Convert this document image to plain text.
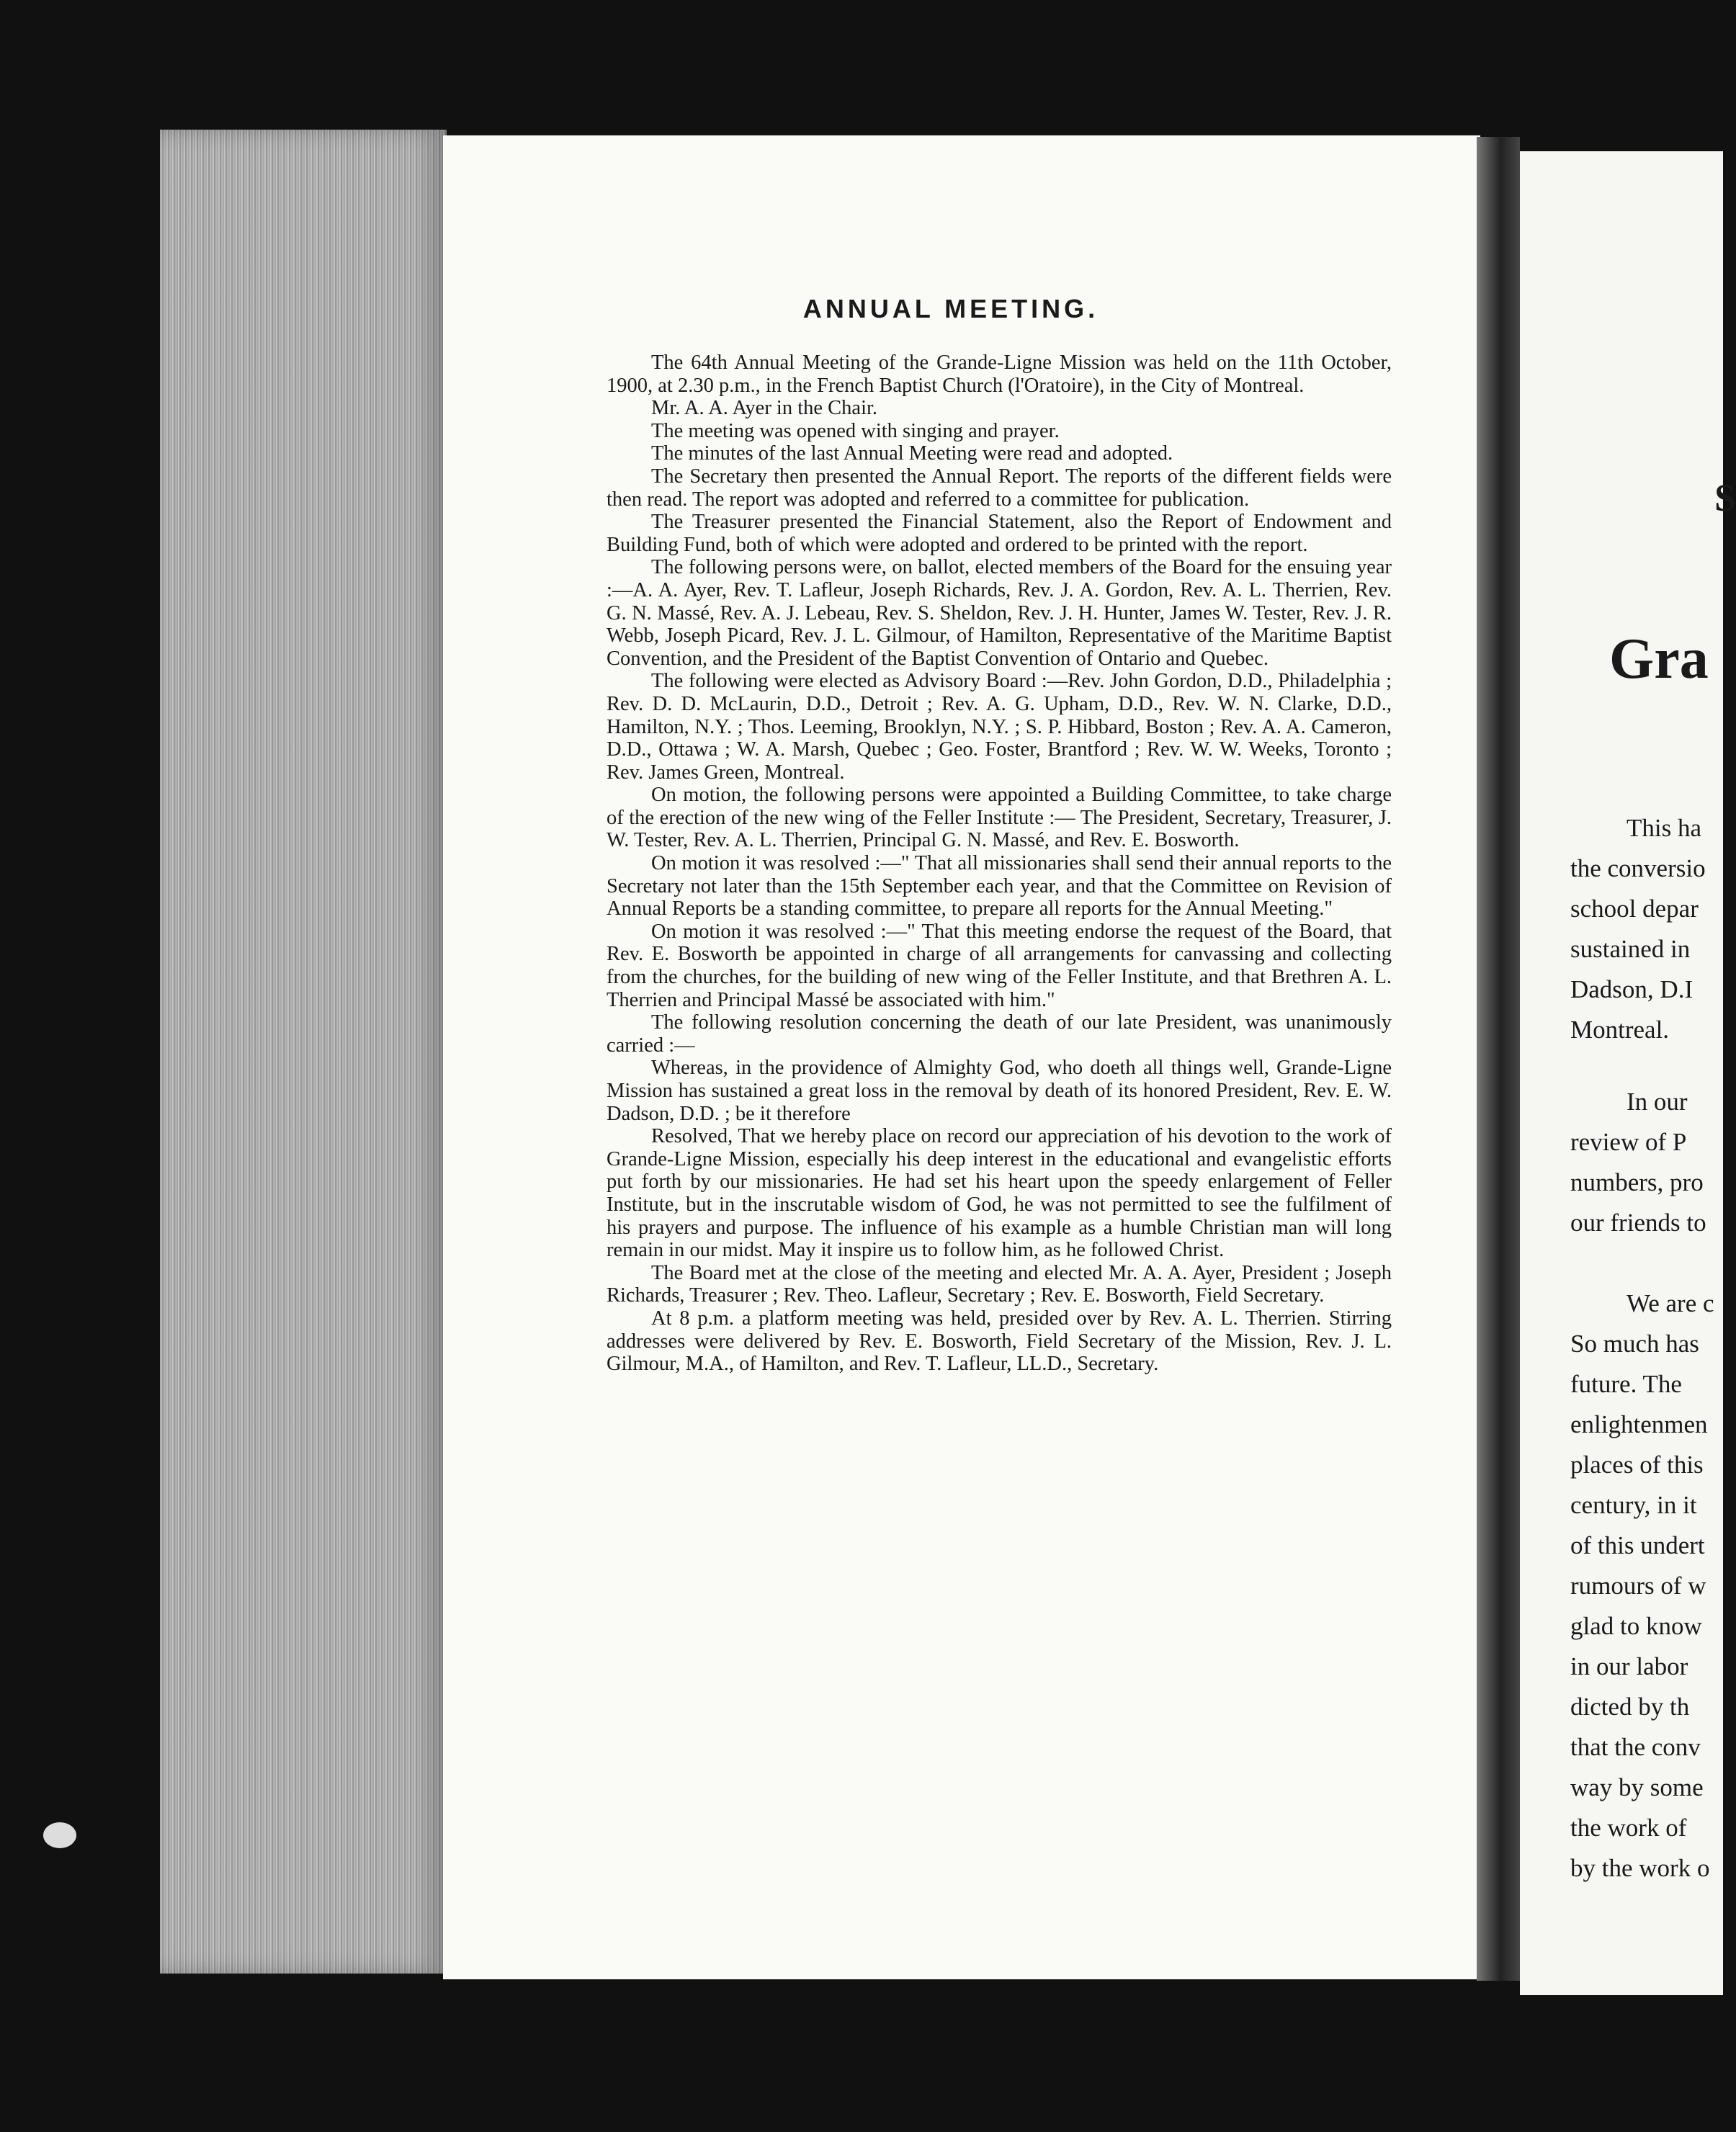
ANNUAL MEETING.

The 64th Annual Meeting of the Grande-Ligne Mission was held on the 11th October, 1900, at 2.30 p.m., in the French Baptist Church (l'Oratoire), in the City of Montreal.

Mr. A. A. Ayer in the Chair.

The meeting was opened with singing and prayer.

The minutes of the last Annual Meeting were read and adopted.

The Secretary then presented the Annual Report. The reports of the different fields were then read. The report was adopted and referred to a committee for publication.

The Treasurer presented the Financial Statement, also the Report of Endowment and Building Fund, both of which were adopted and ordered to be printed with the report.

The following persons were, on ballot, elected members of the Board for the ensuing year :—A. A. Ayer, Rev. T. Lafleur, Joseph Richards, Rev. J. A. Gordon, Rev. A. L. Therrien, Rev. G. N. Massé, Rev. A. J. Lebeau, Rev. S. Sheldon, Rev. J. H. Hunter, James W. Tester, Rev. J. R. Webb, Joseph Picard, Rev. J. L. Gilmour, of Hamilton, Representative of the Maritime Baptist Convention, and the President of the Baptist Convention of Ontario and Quebec.

The following were elected as Advisory Board :—Rev. John Gordon, D.D., Philadelphia ; Rev. D. D. McLaurin, D.D., Detroit ; Rev. A. G. Upham, D.D., Rev. W. N. Clarke, D.D., Hamilton, N.Y. ; Thos. Leeming, Brooklyn, N.Y. ; S. P. Hibbard, Boston ; Rev. A. A. Cameron, D.D., Ottawa ; W. A. Marsh, Quebec ; Geo. Foster, Brantford ; Rev. W. W. Weeks, Toronto ; Rev. James Green, Montreal.

On motion, the following persons were appointed a Building Committee, to take charge of the erection of the new wing of the Feller Institute :— The President, Secretary, Treasurer, J. W. Tester, Rev. A. L. Therrien, Principal G. N. Massé, and Rev. E. Bosworth.

On motion it was resolved :—" That all missionaries shall send their annual reports to the Secretary not later than the 15th September each year, and that the Committee on Revision of Annual Reports be a standing committee, to prepare all reports for the Annual Meeting."

On motion it was resolved :—" That this meeting endorse the request of the Board, that Rev. E. Bosworth be appointed in charge of all arrangements for canvassing and collecting from the churches, for the building of new wing of the Feller Institute, and that Brethren A. L. Therrien and Principal Massé be associated with him."

The following resolution concerning the death of our late President, was unanimously carried :—

Whereas, in the providence of Almighty God, who doeth all things well, Grande-Ligne Mission has sustained a great loss in the removal by death of its honored President, Rev. E. W. Dadson, D.D. ; be it therefore

Resolved, That we hereby place on record our appreciation of his devotion to the work of Grande-Ligne Mission, especially his deep interest in the educational and evangelistic efforts put forth by our missionaries. He had set his heart upon the speedy enlargement of Feller Institute, but in the inscrutable wisdom of God, he was not permitted to see the fulfilment of his prayers and purpose. The influence of his example as a humble Christian man will long remain in our midst. May it inspire us to follow him, as he followed Christ.

The Board met at the close of the meeting and elected Mr. A. A. Ayer, President ; Joseph Richards, Treasurer ; Rev. Theo. Lafleur, Secretary ; Rev. E. Bosworth, Field Secretary.

At 8 p.m. a platform meeting was held, presided over by Rev. A. L. Therrien. Stirring addresses were delivered by Rev. E. Bosworth, Field Secretary of the Mission, Rev. J. L. Gilmour, M.A., of Hamilton, and Rev. T. Lafleur, LL.D., Secretary.

S
Gra
This ha
the conversio
school depar
sustained in
Dadson, D.I
Montreal.
In our
review of P
numbers, pro
our friends to
We are c
So much has
future. The
enlightenmen
places of this
century, in it
of this undert
rumours of w
glad to know
in our labor
dicted by th
that the conv
way by some
the work of
by the work o
